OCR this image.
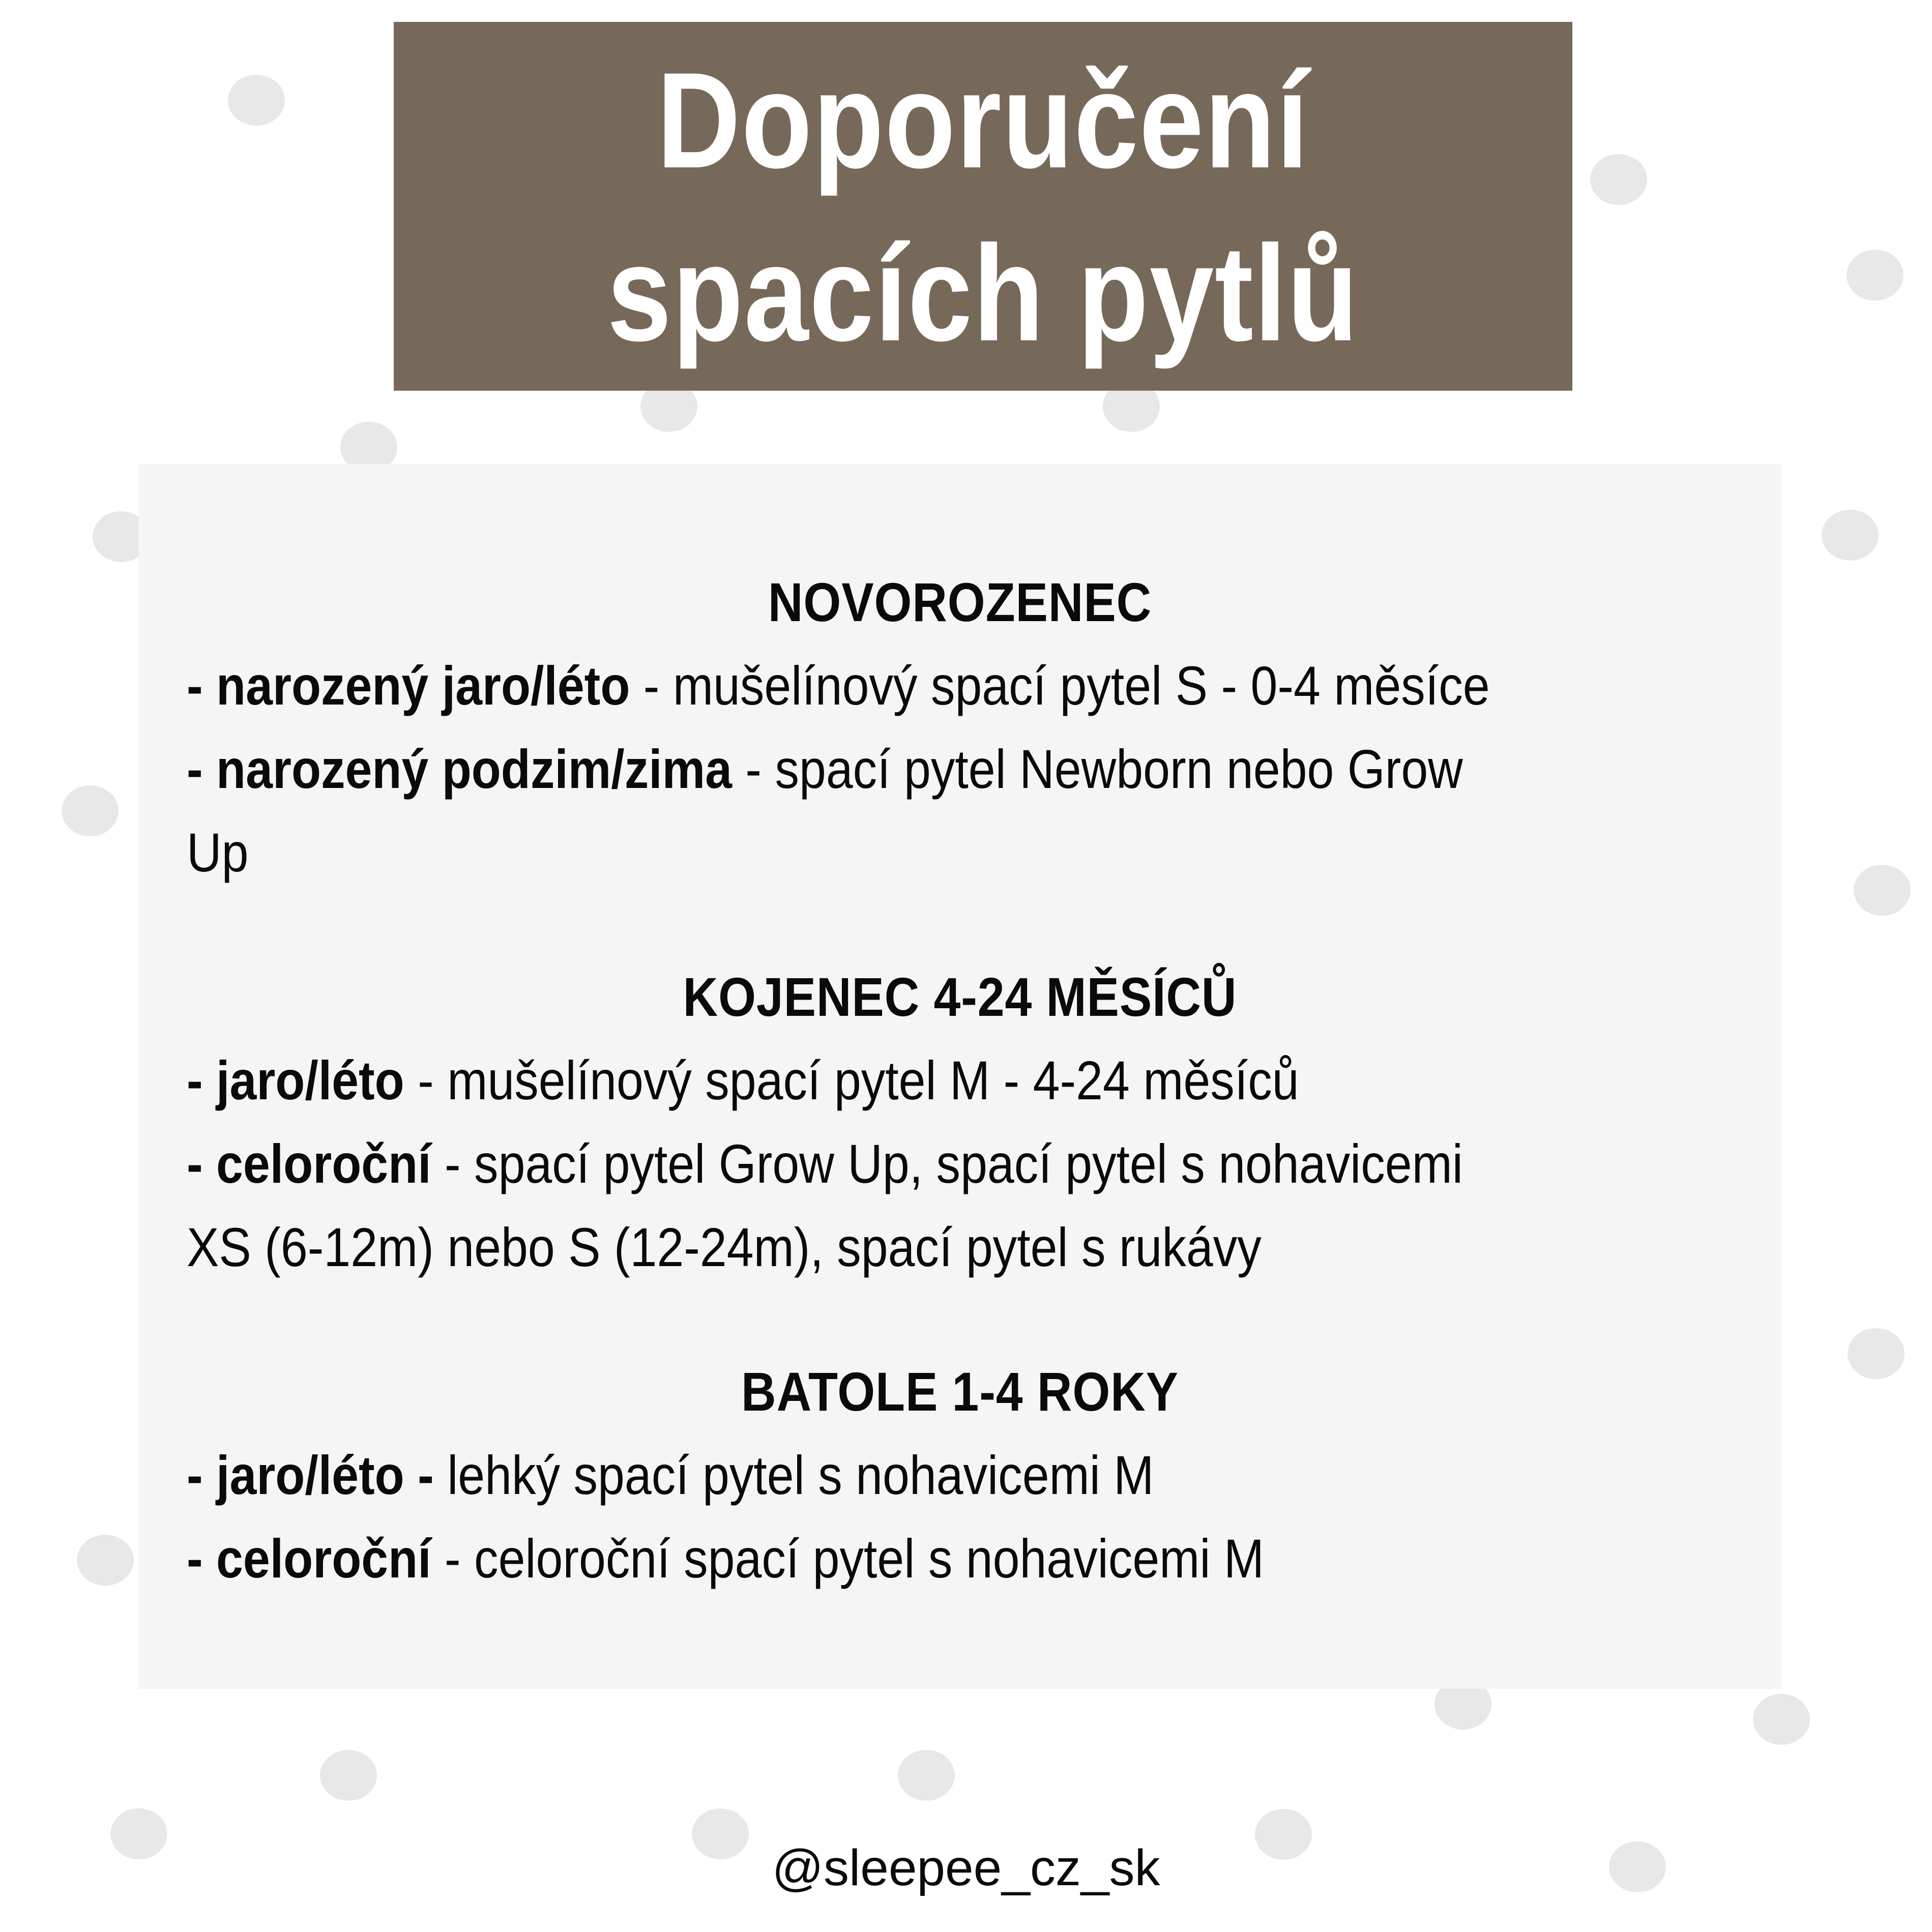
Doporučení
spacích pytlů
NOVOROZENEC
- narozený jaro/léto - mušelínový spací pytel S - 0-4 měsíce
- narozený podzim/zima - spací pytel Newborn nebo Grow
Up
KOJENEC 4-24 MĚSÍCŮ
- jaro/léto - mušelínový spací pytel M - 4-24 měsíců
- celoroční - spací pytel Grow Up, spací pytel s nohavicemi
XS (6-12m) nebo S (12-24m), spací pytel s rukávy
BATOLE 1-4 ROKY
- jaro/léto - lehký spací pytel s nohavicemi M
- celoroční - celoroční spací pytel s nohavicemi M
@sleepee_cz_sk
